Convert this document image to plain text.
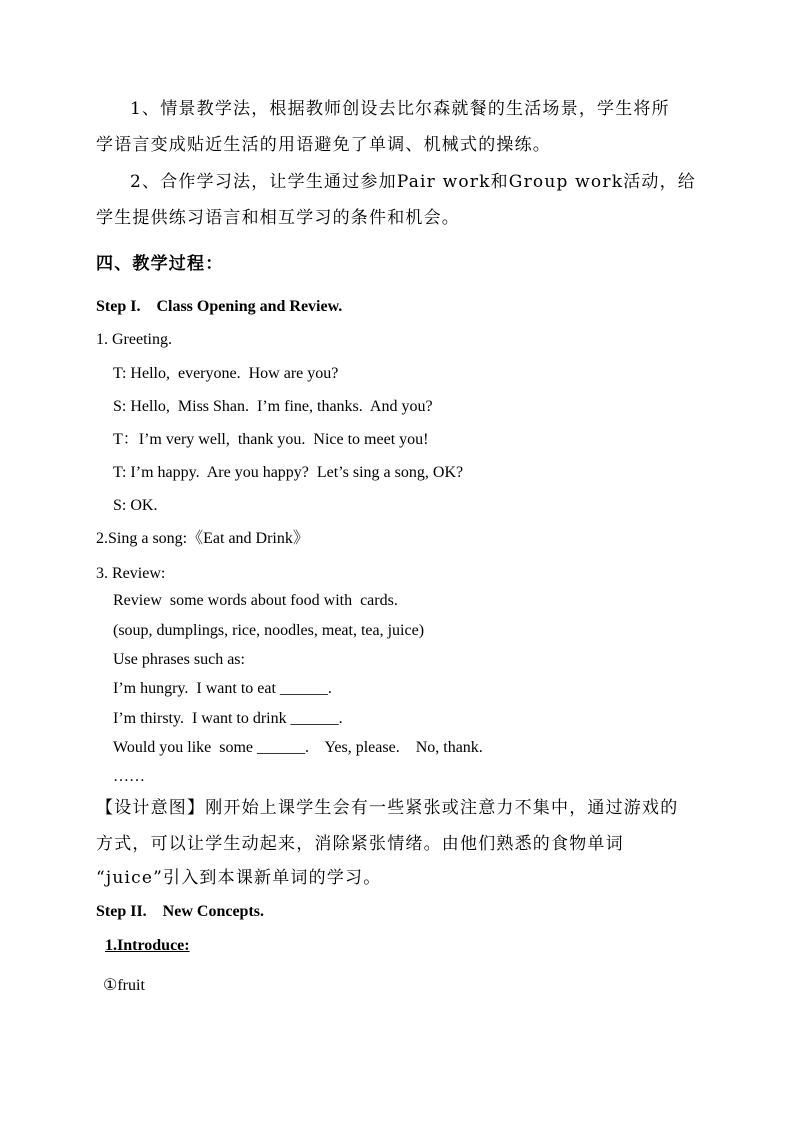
1、情景教学法，根据教师创设去比尔森就餐的生活场景，学生将所
学语言变成贴近生活的用语避免了单调、机械式的操练。
2、合作学习法，让学生通过参加Pair work和Group work活动，给
学生提供练习语言和相互学习的条件和机会。
四、教学过程：
Step I.    Class Opening and Review.
1. Greeting.
T: Hello,  everyone.  How are you?
S: Hello,  Miss Shan.  I’m fine, thanks.  And you?
T：I’m very well,  thank you.  Nice to meet you!
T: I’m happy.  Are you happy?  Let’s sing a song, OK?
S: OK.
2.Sing a song:《Eat and Drink》
3. Review:
Review  some words about food with  cards.
(soup, dumplings, rice, noodles, meat, tea, juice)
Use phrases such as:
I’m hungry.  I want to eat ______.
I’m thirsty.  I want to drink ______.
Would you like  some ______.    Yes, please.    No, thank.
……
【设计意图】刚开始上课学生会有一些紧张或注意力不集中，通过游戏的
方式，可以让学生动起来，消除紧张情绪。由他们熟悉的食物单词
“juice”引入到本课新单词的学习。
Step II.    New Concepts.
1.Introduce:
①fruit
